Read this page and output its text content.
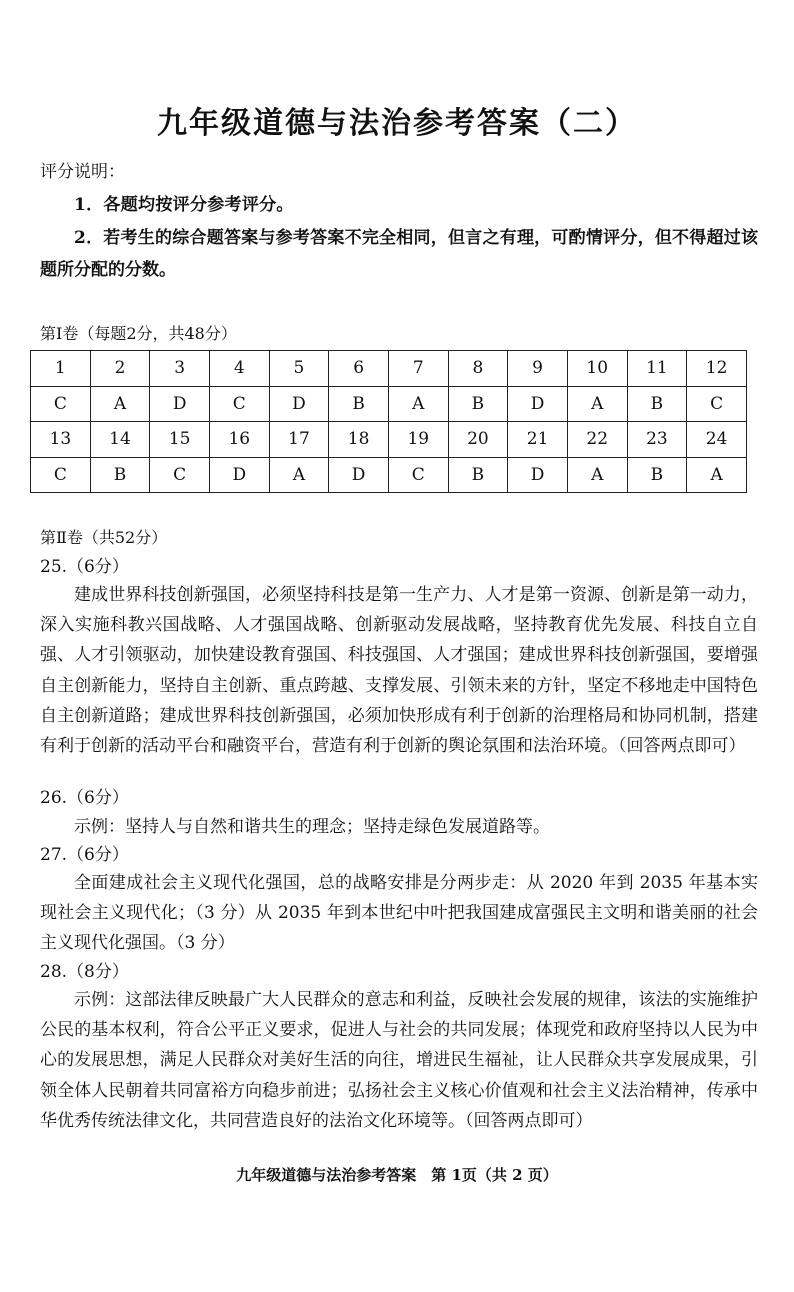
九年级道德与法治参考答案（二）
评分说明：
1．各题均按评分参考评分。
2．若考生的综合题答案与参考答案不完全相同，但言之有理，可酌情评分，但不得超过该题所分配的分数。
第Ⅰ卷（每题2分，共48分）
1	2	3	4	5	6	7	8	9	10	11	12
C	A	D	C	D	B	A	B	D	A	B	C
13	14	15	16	17	18	19	20	21	22	23	24
C	B	C	D	A	D	C	B	D	A	B	A
第Ⅱ卷（共52分）
25.（6分）
建成世界科技创新强国，必须坚持科技是第一生产力、人才是第一资源、创新是第一动力，深入实施科教兴国战略、人才强国战略、创新驱动发展战略，坚持教育优先发展、科技自立自强、人才引领驱动，加快建设教育强国、科技强国、人才强国；建成世界科技创新强国，要增强自主创新能力，坚持自主创新、重点跨越、支撑发展、引领未来的方针，坚定不移地走中国特色自主创新道路；建成世界科技创新强国，必须加快形成有利于创新的治理格局和协同机制，搭建有利于创新的活动平台和融资平台，营造有利于创新的舆论氛围和法治环境。（回答两点即可）
26.（6分）
示例：坚持人与自然和谐共生的理念；坚持走绿色发展道路等。
27.（6分）
全面建成社会主义现代化强国，总的战略安排是分两步走：从 2020 年到 2035 年基本实现社会主义现代化；（3 分）从 2035 年到本世纪中叶把我国建成富强民主文明和谐美丽的社会主义现代化强国。（3 分）
28.（8分）
示例：这部法律反映最广大人民群众的意志和利益，反映社会发展的规律，该法的实施维护公民的基本权利，符合公平正义要求，促进人与社会的共同发展；体现党和政府坚持以人民为中心的发展思想，满足人民群众对美好生活的向往，增进民生福祉，让人民群众共享发展成果，引领全体人民朝着共同富裕方向稳步前进；弘扬社会主义核心价值观和社会主义法治精神，传承中华优秀传统法律文化，共同营造良好的法治文化环境等。（回答两点即可）
九年级道德与法治参考答案　第 1页（共 2 页）
